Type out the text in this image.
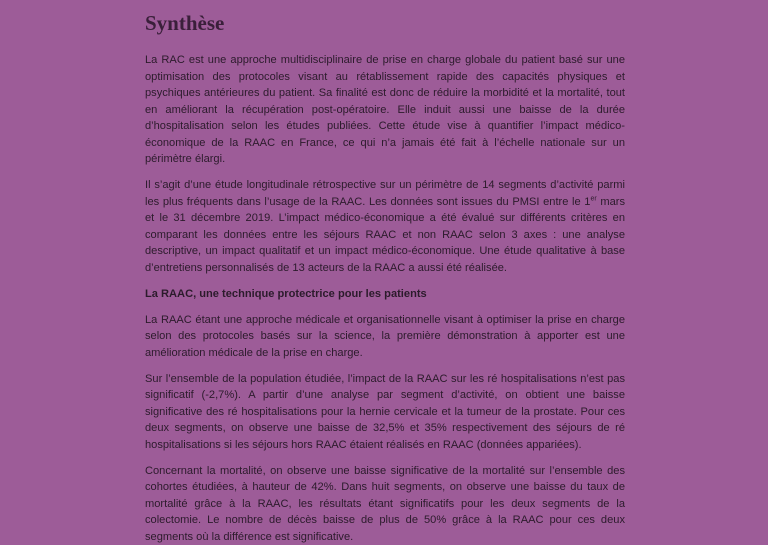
Synthèse

La RAC est une approche multidisciplinaire de prise en charge globale du patient basé sur une optimisation des protocoles visant au rétablissement rapide des capacités physiques et psychiques antérieures du patient. Sa finalité est donc de réduire la morbidité et la mortalité, tout en améliorant la récupération post-opératoire. Elle induit aussi une baisse de la durée d’hospitalisation selon les études publiées. Cette étude vise à quantifier l’impact médico-économique de la RAAC en France, ce qui n’a jamais été fait à l’échelle nationale sur un périmètre élargi.

Il s’agit d’une étude longitudinale rétrospective sur un périmètre de 14 segments d’activité parmi les plus fréquents dans l’usage de la RAAC. Les données sont issues du PMSI entre le 1er mars et le 31 décembre 2019. L’impact médico-économique a été évalué sur différents critères en comparant les données entre les séjours RAAC et non RAAC selon 3 axes : une analyse descriptive, un impact qualitatif et un impact médico-économique. Une étude qualitative à base d’entretiens personnalisés de 13 acteurs de la RAAC a aussi été réalisée.

La RAAC, une technique protectrice pour les patients

La RAAC étant une approche médicale et organisationnelle visant à optimiser la prise en charge selon des protocoles basés sur la science, la première démonstration à apporter est une amélioration médicale de la prise en charge.

Sur l’ensemble de la population étudiée, l’impact de la RAAC sur les ré hospitalisations n’est pas significatif (-2,7%). A partir d’une analyse par segment d’activité, on obtient une baisse significative des ré hospitalisations pour la hernie cervicale et la tumeur de la prostate. Pour ces deux segments, on observe une baisse de 32,5% et 35% respectivement des séjours de ré hospitalisations si les séjours hors RAAC étaient réalisés en RAAC (données appariées).

Concernant la mortalité, on observe une baisse significative de la mortalité sur l’ensemble des cohortes étudiées, à hauteur de 42%. Dans huit segments, on observe une baisse du taux de mortalité grâce à la RAAC, les résultats étant significatifs pour les deux segments de la colectomie. Le nombre de décès baisse de plus de 50% grâce à la RAAC pour ces deux segments où la différence est significative.
